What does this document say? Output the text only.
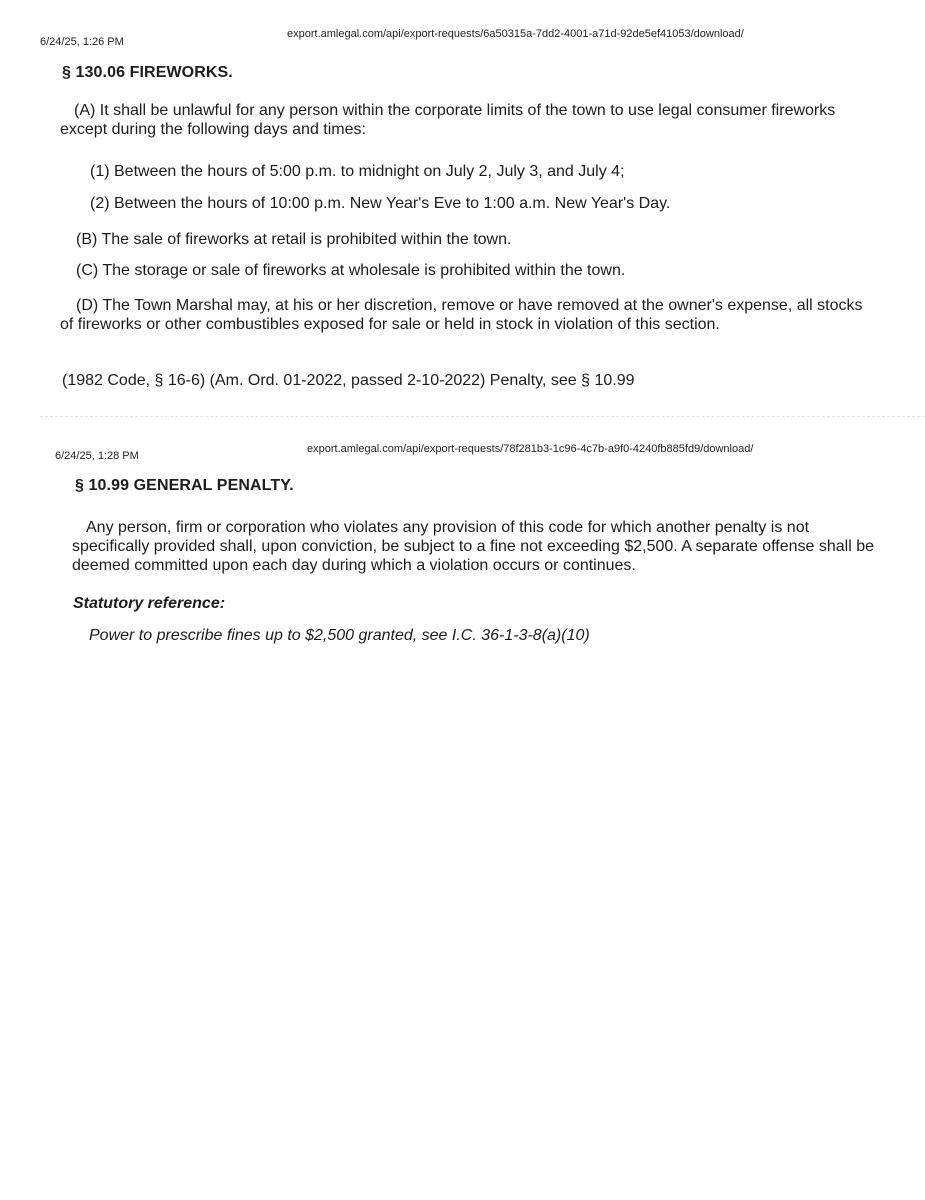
6/24/25, 1:26 PM
export.amlegal.com/api/export-requests/6a50315a-7dd2-4001-a71d-92de5ef41053/download/
§ 130.06 FIREWORKS.
(A) It shall be unlawful for any person within the corporate limits of the town to use legal consumer fireworks except during the following days and times:
(1) Between the hours of 5:00 p.m. to midnight on July 2, July 3, and July 4;
(2) Between the hours of 10:00 p.m. New Year's Eve to 1:00 a.m. New Year's Day.
(B) The sale of fireworks at retail is prohibited within the town.
(C) The storage or sale of fireworks at wholesale is prohibited within the town.
(D) The Town Marshal may, at his or her discretion, remove or have removed at the owner's expense, all stocks of fireworks or other combustibles exposed for sale or held in stock in violation of this section.
(1982 Code, § 16-6) (Am. Ord. 01-2022, passed 2-10-2022) Penalty, see § 10.99
6/24/25, 1:28 PM
export.amlegal.com/api/export-requests/78f281b3-1c96-4c7b-a9f0-4240fb885fd9/download/
§ 10.99 GENERAL PENALTY.
Any person, firm or corporation who violates any provision of this code for which another penalty is not specifically provided shall, upon conviction, be subject to a fine not exceeding $2,500. A separate offense shall be deemed committed upon each day during which a violation occurs or continues.
Statutory reference:
Power to prescribe fines up to $2,500 granted, see I.C. 36-1-3-8(a)(10)
